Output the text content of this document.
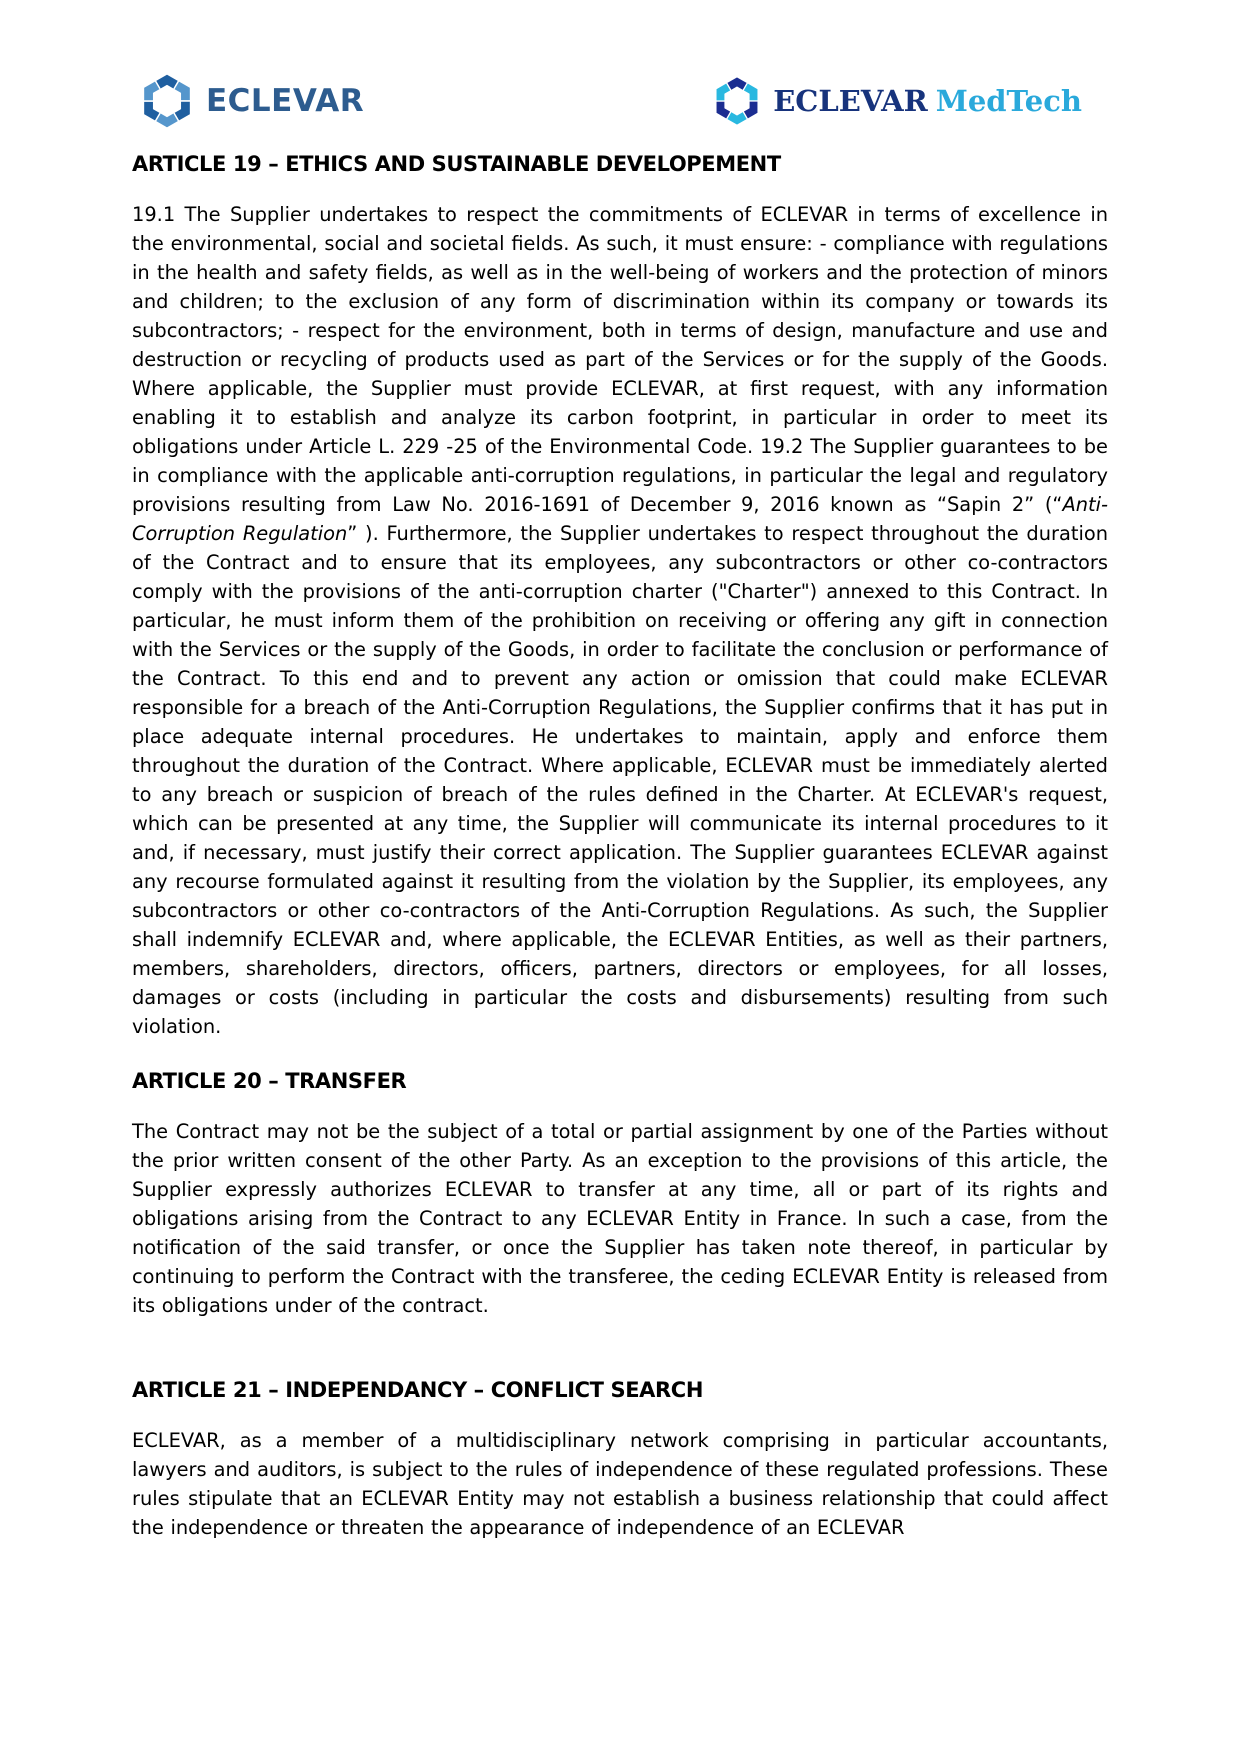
ECLEVAR	ECLEVAR MedTech
ARTICLE 19 – ETHICS AND SUSTAINABLE DEVELOPEMENT

19.1 The Supplier undertakes to respect the commitments of ECLEVAR in terms of excellence in the environmental, social and societal fields. As such, it must ensure: - compliance with regulations in the health and safety fields, as well as in the well-being of workers and the protection of minors and children; to the exclusion of any form of discrimination within its company or towards its subcontractors; - respect for the environment, both in terms of design, manufacture and use and destruction or recycling of products used as part of the Services or for the supply of the Goods. Where applicable, the Supplier must provide ECLEVAR, at first request, with any information enabling it to establish and analyze its carbon footprint, in particular in order to meet its obligations under Article L. 229 -25 of the Environmental Code. 19.2 The Supplier guarantees to be in compliance with the applicable anti-corruption regulations, in particular the legal and regulatory provisions resulting from Law No. 2016-1691 of December 9, 2016 known as “Sapin 2” (“Anti-Corruption Regulation” ). Furthermore, the Supplier undertakes to respect throughout the duration of the Contract and to ensure that its employees, any subcontractors or other co-contractors comply with the provisions of the anti-corruption charter ("Charter") annexed to this Contract. In particular, he must inform them of the prohibition on receiving or offering any gift in connection with the Services or the supply of the Goods, in order to facilitate the conclusion or performance of the Contract. To this end and to prevent any action or omission that could make ECLEVAR responsible for a breach of the Anti-Corruption Regulations, the Supplier confirms that it has put in place adequate internal procedures. He undertakes to maintain, apply and enforce them throughout the duration of the Contract. Where applicable, ECLEVAR must be immediately alerted to any breach or suspicion of breach of the rules defined in the Charter. At ECLEVAR's request, which can be presented at any time, the Supplier will communicate its internal procedures to it and, if necessary, must justify their correct application. The Supplier guarantees ECLEVAR against any recourse formulated against it resulting from the violation by the Supplier, its employees, any subcontractors or other co-contractors of the Anti-Corruption Regulations. As such, the Supplier shall indemnify ECLEVAR and, where applicable, the ECLEVAR Entities, as well as their partners, members, shareholders, directors, officers, partners, directors or employees, for all losses, damages or costs (including in particular the costs and disbursements) resulting from such violation.

ARTICLE 20 – TRANSFER

The Contract may not be the subject of a total or partial assignment by one of the Parties without the prior written consent of the other Party. As an exception to the provisions of this article, the Supplier expressly authorizes ECLEVAR to transfer at any time, all or part of its rights and obligations arising from the Contract to any ECLEVAR Entity in France. In such a case, from the notification of the said transfer, or once the Supplier has taken note thereof, in particular by continuing to perform the Contract with the transferee, the ceding ECLEVAR Entity is released from its obligations under of the contract.

ARTICLE 21 – INDEPENDANCY – CONFLICT SEARCH

ECLEVAR, as a member of a multidisciplinary network comprising in particular accountants, lawyers and auditors, is subject to the rules of independence of these regulated professions. These rules stipulate that an ECLEVAR Entity may not establish a business relationship that could affect the independence or threaten the appearance of independence of an ECLEVAR
